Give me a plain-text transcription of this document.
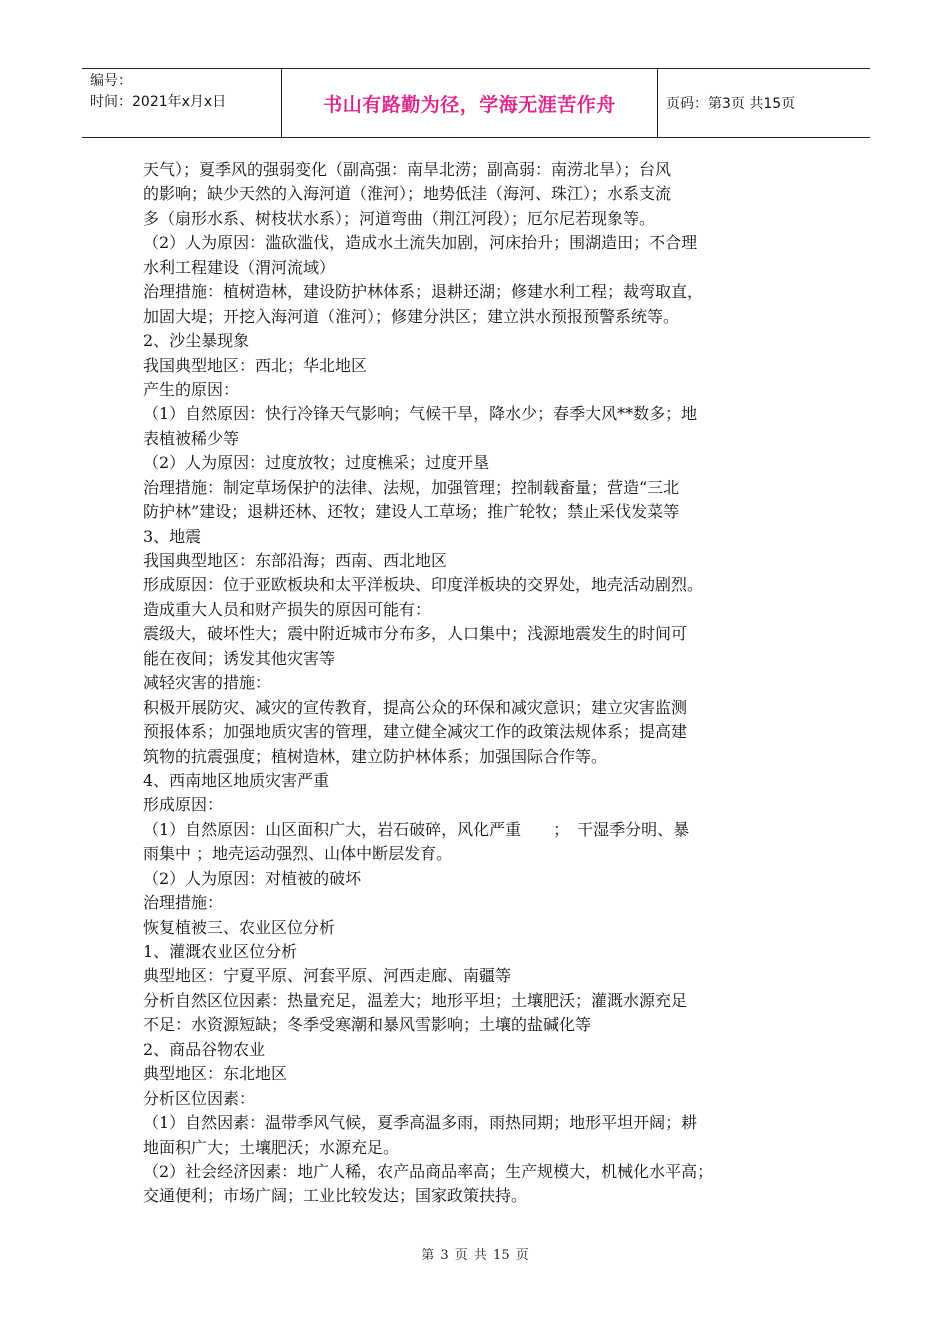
编号：
时间：2021年x月x日	书山有路勤为径，学海无涯苦作舟	页码：第3页 共15页
天气）；夏季风的强弱变化（副高强：南旱北涝；副高弱：南涝北旱）；台风
的影响；缺少天然的入海河道（淮河）；地势低洼（海河、珠江）；水系支流
多（扇形水系、树枝状水系）；河道弯曲（荆江河段）；厄尔尼若现象等。
（2）人为原因：滥砍滥伐，造成水土流失加剧，河床抬升；围湖造田；不合理
水利工程建设（渭河流域）
治理措施：植树造林，建设防护林体系；退耕还湖；修建水利工程；裁弯取直，
加固大堤；开挖入海河道（淮河）；修建分洪区；建立洪水预报预警系统等。
2、沙尘暴现象
我国典型地区：西北；华北地区
产生的原因：
（1）自然原因：快行冷锋天气影响；气候干旱，降水少；春季大风**数多；地
表植被稀少等
（2）人为原因：过度放牧；过度樵采；过度开垦
治理措施：制定草场保护的法律、法规，加强管理；控制载畜量；营造“三北
防护林”建设；退耕还林、还牧；建设人工草场；推广轮牧；禁止采伐发菜等
3、地震
我国典型地区：东部沿海；西南、西北地区
形成原因：位于亚欧板块和太平洋板块、印度洋板块的交界处，地壳活动剧烈。
造成重大人员和财产损失的原因可能有：
震级大，破坏性大；震中附近城市分布多，人口集中；浅源地震发生的时间可
能在夜间；诱发其他灾害等
减轻灾害的措施：
积极开展防灾、减灾的宣传教育，提高公众的环保和减灾意识；建立灾害监测
预报体系；加强地质灾害的管理，建立健全减灾工作的政策法规体系；提高建
筑物的抗震强度；植树造林，建立防护林体系；加强国际合作等。
4、西南地区地质灾害严重
形成原因：
（1）自然原因：山区面积广大，岩石破碎，风化严重　　；　干湿季分明、暴
雨集中 ；地壳运动强烈、山体中断层发育。
（2）人为原因：对植被的破坏
治理措施：
恢复植被三、农业区位分析
1、灌溉农业区位分析
典型地区：宁夏平原、河套平原、河西走廊、南疆等
分析自然区位因素：热量充足，温差大；地形平坦；土壤肥沃；灌溉水源充足
不足：水资源短缺；冬季受寒潮和暴风雪影响；土壤的盐碱化等
2、商品谷物农业
典型地区：东北地区
分析区位因素：
（1）自然因素：温带季风气候，夏季高温多雨，雨热同期；地形平坦开阔；耕
地面积广大；土壤肥沃；水源充足。
（2）社会经济因素：地广人稀，农产品商品率高；生产规模大，机械化水平高；
交通便利；市场广阔；工业比较发达；国家政策扶持。
第 3 页 共 15 页
